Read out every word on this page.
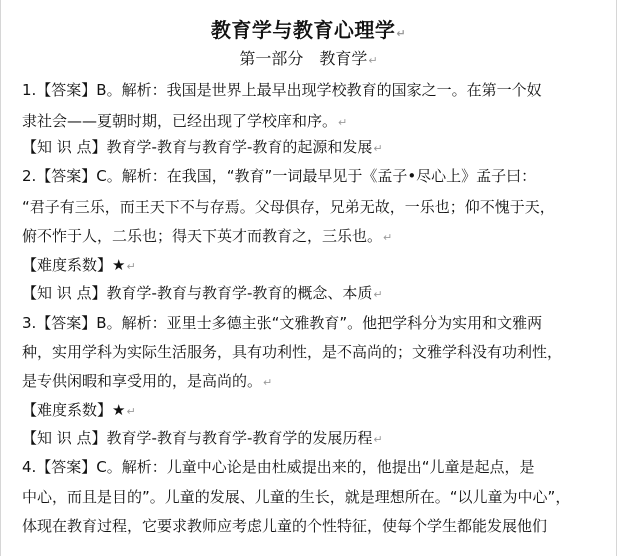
教育学与教育心理学↵
第一部分　教育学↵
1.【答案】B。解析：我国是世界上最早出现学校教育的国家之一。在第一个奴
隶社会——夏朝时期，已经出现了学校庠和序。↵
【知 识 点】教育学-教育与教育学-教育的起源和发展↵
2.【答案】C。解析：在我国，“教育”一词最早见于《孟子•尽心上》孟子曰：
“君子有三乐，而王天下不与存焉。父母俱存，兄弟无故，一乐也；仰不愧于天，
俯不怍于人，二乐也；得天下英才而教育之，三乐也。↵
【难度系数】★↵
【知 识 点】教育学-教育与教育学-教育的概念、本质↵
3.【答案】B。解析：亚里士多德主张“文雅教育”。他把学科分为实用和文雅两
种，实用学科为实际生活服务，具有功利性，是不高尚的；文雅学科没有功利性，
是专供闲暇和享受用的，是高尚的。↵
【难度系数】★↵
【知 识 点】教育学-教育与教育学-教育学的发展历程↵
4.【答案】C。解析：儿童中心论是由杜威提出来的，他提出“儿童是起点，是
中心，而且是目的”。儿童的发展、儿童的生长，就是理想所在。“以儿童为中心”，
体现在教育过程，它要求教师应考虑儿童的个性特征，使每个学生都能发展他们
